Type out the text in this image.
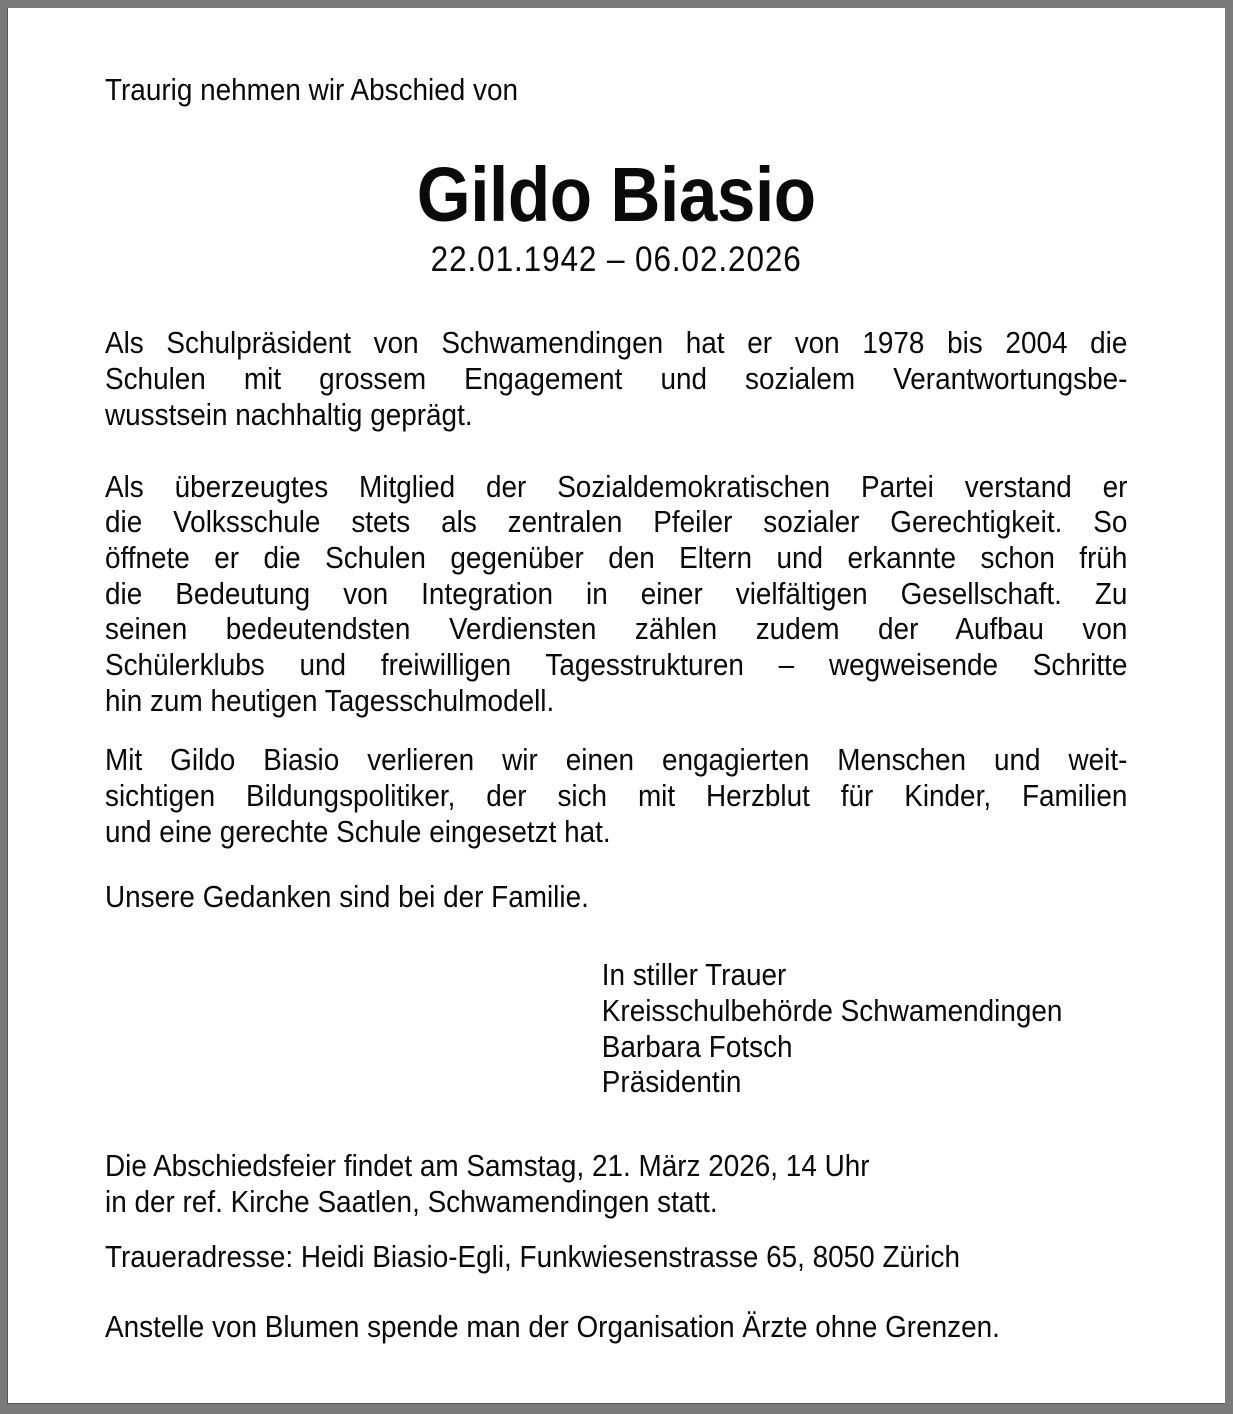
Traurig nehmen wir Abschied von
Gildo Biasio
22.01.1942 – 06.02.2026
Als Schulpräsident von Schwamendingen hat er von 1978 bis 2004 die
Schulen mit grossem Engagement und sozialem Verantwortungsbe-
wusstsein nachhaltig geprägt.
Als überzeugtes Mitglied der Sozialdemokratischen Partei verstand er
die Volksschule stets als zentralen Pfeiler sozialer Gerechtigkeit. So
öffnete er die Schulen gegenüber den Eltern und erkannte schon früh
die Bedeutung von Integration in einer vielfältigen Gesellschaft. Zu
seinen bedeutendsten Verdiensten zählen zudem der Aufbau von
Schülerklubs und freiwilligen Tagesstrukturen – wegweisende Schritte
hin zum heutigen Tagesschulmodell.
Mit Gildo Biasio verlieren wir einen engagierten Menschen und weit-
sichtigen Bildungspolitiker, der sich mit Herzblut für Kinder, Familien
und eine gerechte Schule eingesetzt hat.
Unsere Gedanken sind bei der Familie.
In stiller Trauer
Kreisschulbehörde Schwamendingen
Barbara Fotsch
Präsidentin
Die Abschiedsfeier findet am Samstag, 21. März 2026, 14 Uhr
in der ref. Kirche Saatlen, Schwamendingen statt.
Traueradresse: Heidi Biasio-Egli, Funkwiesenstrasse 65, 8050 Zürich
Anstelle von Blumen spende man der Organisation Ärzte ohne Grenzen.
